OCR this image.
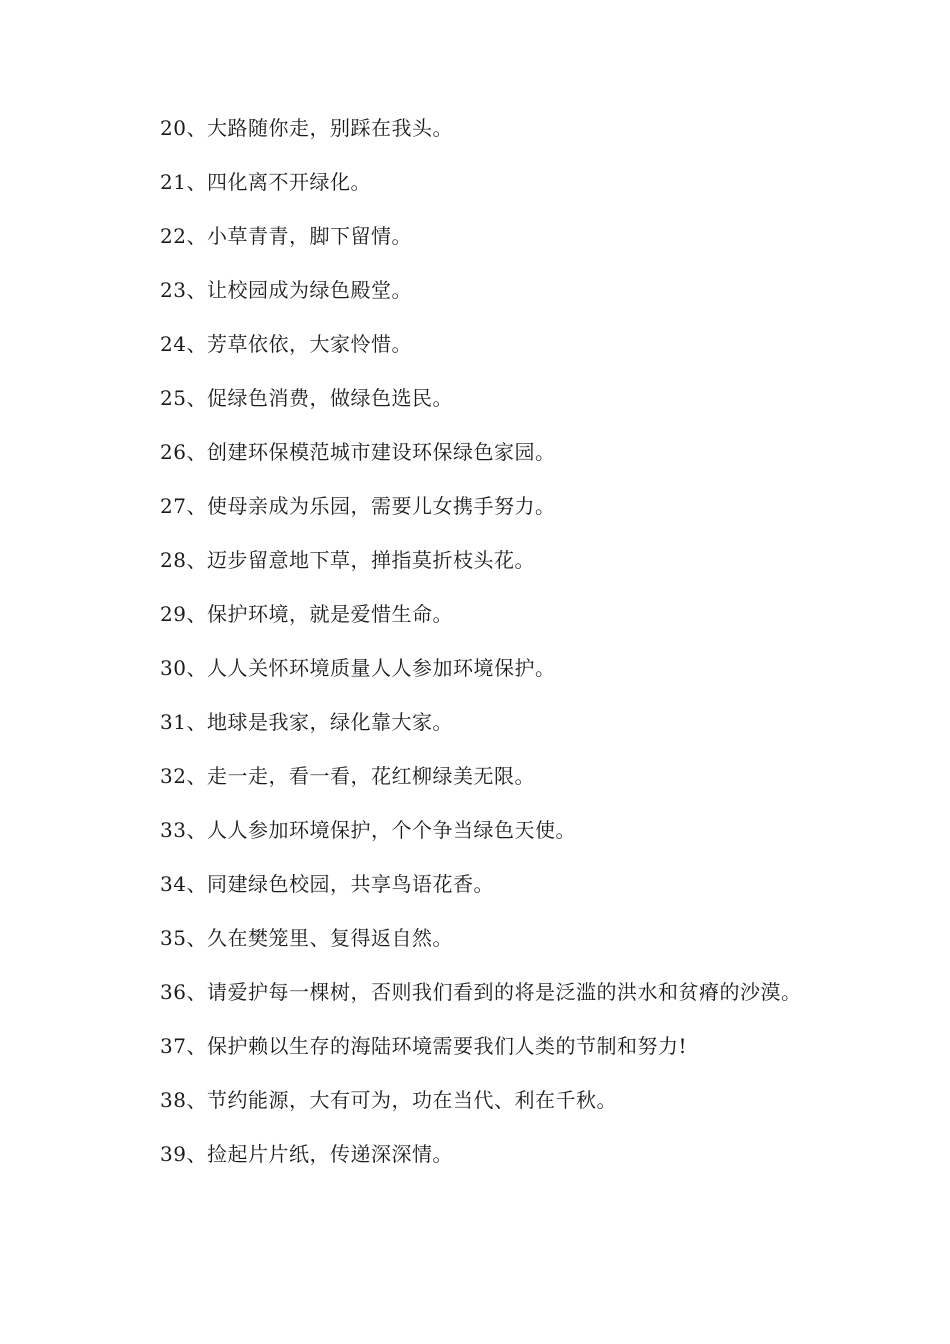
20、大路随你走，别踩在我头。

21、四化离不开绿化。

22、小草青青，脚下留情。

23、让校园成为绿色殿堂。

24、芳草依依，大家怜惜。

25、促绿色消费，做绿色选民。

26、创建环保模范城市建设环保绿色家园。

27、使母亲成为乐园，需要儿女携手努力。

28、迈步留意地下草，掸指莫折枝头花。

29、保护环境，就是爱惜生命。

30、人人关怀环境质量人人参加环境保护。

31、地球是我家，绿化靠大家。

32、走一走，看一看，花红柳绿美无限。

33、人人参加环境保护，个个争当绿色天使。

34、同建绿色校园，共享鸟语花香。

35、久在樊笼里、复得返自然。

36、请爱护每一棵树，否则我们看到的将是泛滥的洪水和贫瘠的沙漠。

37、保护赖以生存的海陆环境需要我们人类的节制和努力!

38、节约能源，大有可为，功在当代、利在千秋。

39、捡起片片纸，传递深深情。
